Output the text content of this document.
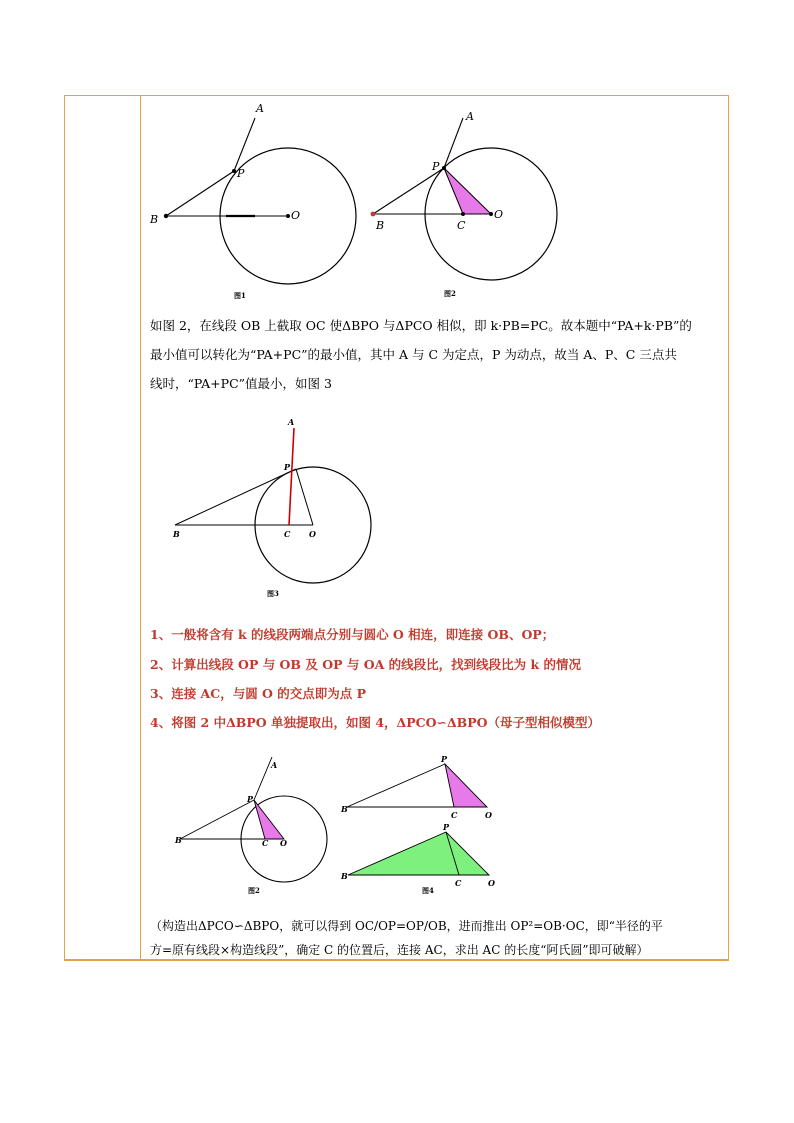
A
P
B	O
图1
A
P
B	C
O
图2
如图 2，在线段 OB 上截取 OC 使ΔBPO 与ΔPCO 相似，即 k·PB=PC。故本题中“PA+k·PB”的
最小值可以转化为“PA+PC”的最小值，其中 A 与 C 为定点，P 为动点，故当 A、P、C 三点共
线时，“PA+PC”值最小，如图 3
A
P
B	C O
图3
1、一般将含有 k 的线段两端点分别与圆心 O 相连，即连接 OB、OP；
2、计算出线段 OP 与 OB 及 OP 与 OA 的线段比，找到线段比为 k 的情况
3、连接 AC，与圆 O 的交点即为点 P
4、将图 2 中ΔBPO 单独提取出，如图 4，ΔPCO∽ΔBPO（母子型相似模型）
A
P
B	C O
图2
P
B
C	O
P
B
C	O
图4
（构造出ΔPCO∽ΔBPO，就可以得到 OC/OP=OP/OB，进而推出 OP²=OB·OC，即“半径的平
方=原有线段×构造线段”，确定 C 的位置后，连接 AC，求出 AC 的长度“阿氏圆”即可破解）
